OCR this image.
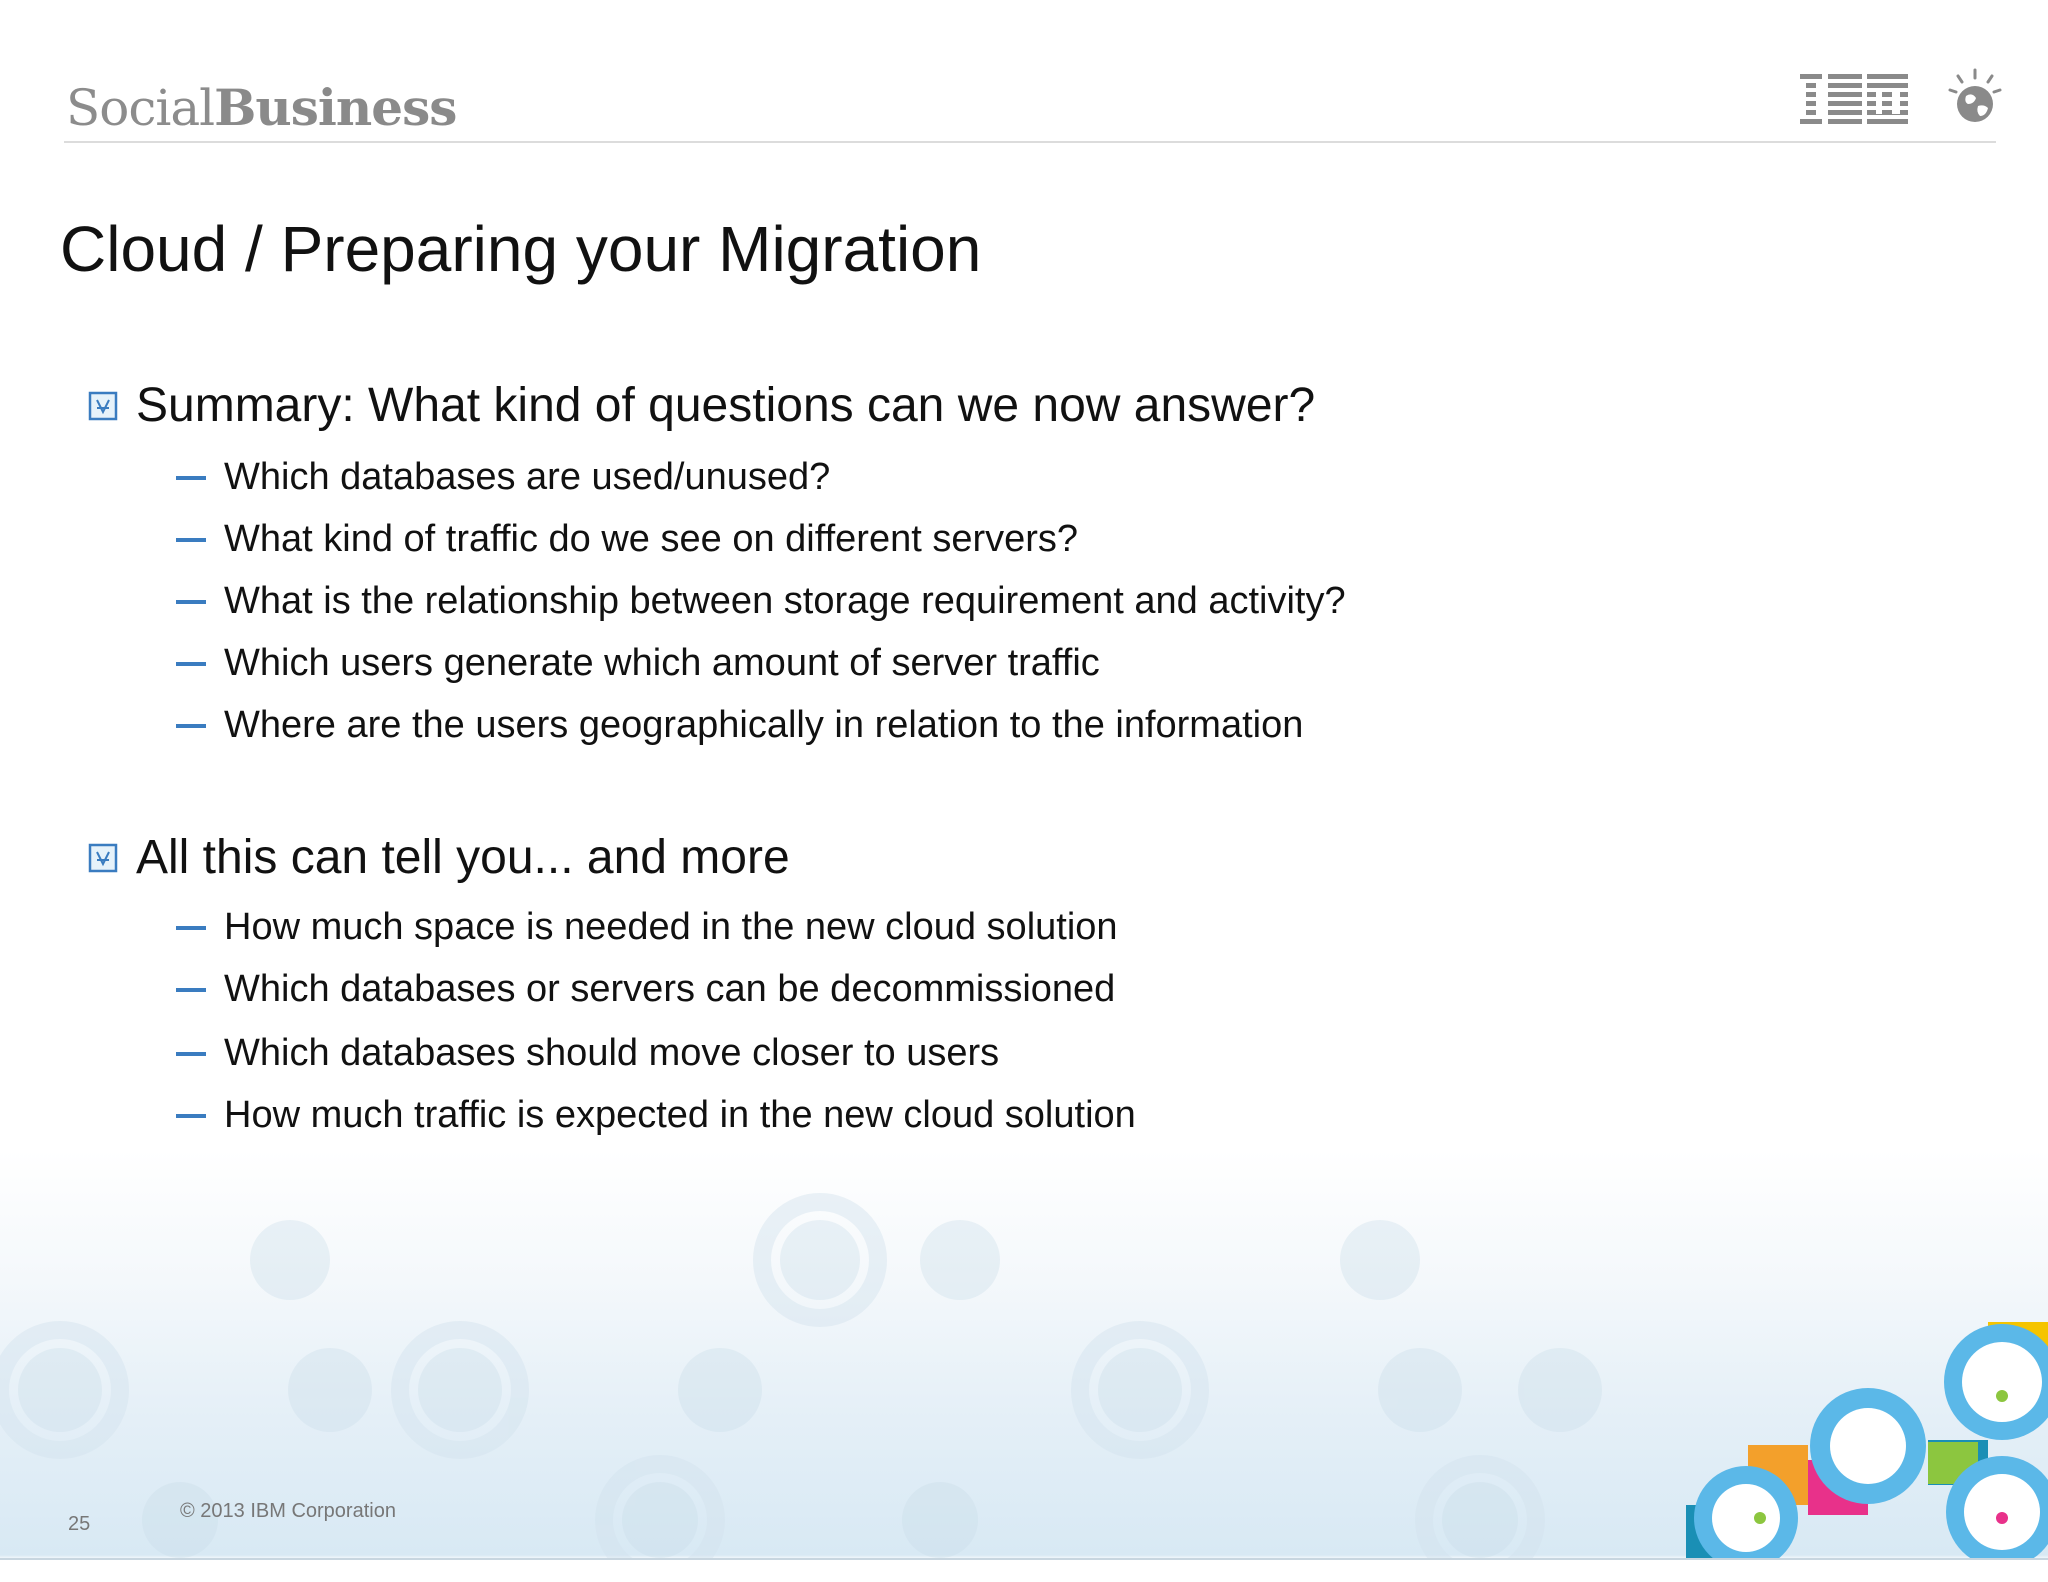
SocialBusiness
Cloud / Preparing your Migration
Summary: What kind of questions can we now answer?
Which databases are used/unused?
What kind of traffic do we see on different servers?
What is the relationship between storage requirement and activity?
Which users generate which amount of server traffic
Where are the users geographically in relation to the information
All this can tell you... and more
How much space is needed in the new cloud solution
Which databases or servers can be decommissioned
Which databases should move closer to users
How much traffic is expected in the new cloud solution
25
© 2013 IBM Corporation
